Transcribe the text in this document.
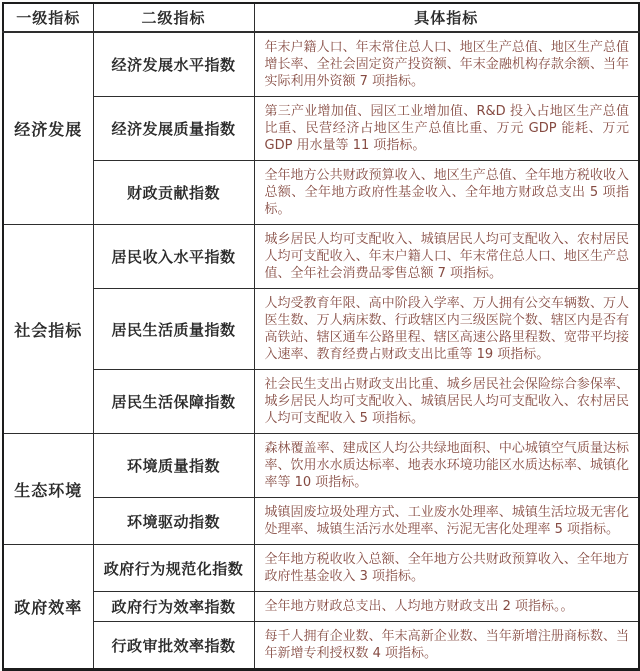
一级指标	二级指标	具体指标
经济发展	经济发展水平指数	年末户籍人口、年末常住总人口、地区生产总值、地区生产总值增长率、全社会固定资产投资额、年末金融机构存款余额、当年实际利用外资额 7 项指标。
	经济发展质量指数	第三产业增加值、园区工业增加值、R&D 投入占地区生产总值比重、民营经济占地区生产总值比重、万元 GDP 能耗、万元 GDP 用水量等 11 项指标。
	财政贡献指数	全年地方公共财政预算收入、地区生产总值、全年地方税收收入总额、全年地方政府性基金收入、全年地方财政总支出 5 项指标。
社会指标	居民收入水平指数	城乡居民人均可支配收入、城镇居民人均可支配收入、农村居民人均可支配收入、年末户籍人口、年末常住总人口、地区生产总值、全年社会消费品零售总额 7 项指标。
	居民生活质量指数	人均受教育年限、高中阶段入学率、万人拥有公交车辆数、万人医生数、万人病床数、行政辖区内三级医院个数、辖区内是否有高铁站、辖区通车公路里程、辖区高速公路里程数、宽带平均接入速率、教育经费占财政支出比重等 19 项指标。
	居民生活保障指数	社会民生支出占财政支出比重、城乡居民社会保险综合参保率、城乡居民人均可支配收入、城镇居民人均可支配收入、农村居民人均可支配收入 5 项指标。
生态环境	环境质量指数	森林覆盖率、建成区人均公共绿地面积、中心城镇空气质量达标率、饮用水水质达标率、地表水环境功能区水质达标率、城镇化率等 10 项指标。
	环境驱动指数	城镇固废垃圾处理方式、工业废水处理率、城镇生活垃圾无害化处理率、城镇生活污水处理率、污泥无害化处理率 5 项指标。
政府效率	政府行为规范化指数	全年地方税收收入总额、全年地方公共财政预算收入、全年地方政府性基金收入 3 项指标。
	政府行为效率指数	全年地方财政总支出、人均地方财政支出 2 项指标。。
	行政审批效率指数	每千人拥有企业数、年末高新企业数、当年新增注册商标数、当年新增专利授权数 4 项指标。
